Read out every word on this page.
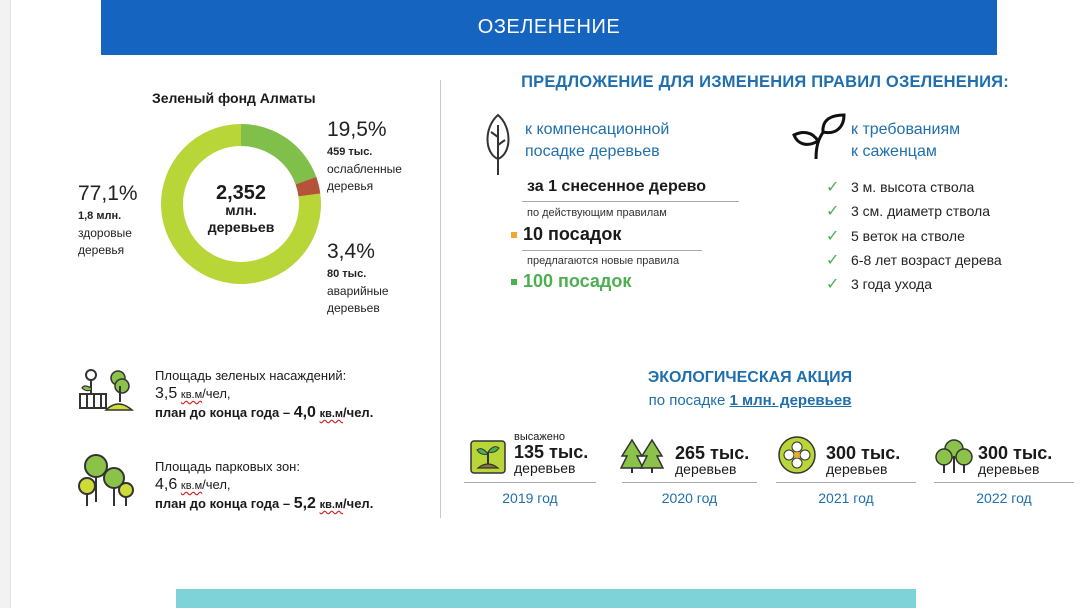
ОЗЕЛЕНЕНИЕ
Зеленый фонд Алматы
2,352
млн.
деревьев
77,1%
1,8 млн.
здоровые
деревья
19,5%
459 тыс.
ослабленные
деревья
3,4%
80 тыс.
аварийные
деревьев
Площадь зеленых насаждений:
3,5 кв.м/чел,
план до конца года – 4,0 кв.м/чел.
Площадь парковых зон:
4,6 кв.м/чел,
план до конца года – 5,2 кв.м/чел.
ПРЕДЛОЖЕНИЕ ДЛЯ ИЗМЕНЕНИЯ ПРАВИЛ ОЗЕЛЕНЕНИЯ:
к компенсационной
посадке деревьев
за 1 снесенное дерево
по действующим правилам
10 посадок
предлагаются новые правила
100 посадок
к требованиям
к саженцам
✓ 3 м. высота ствола
✓ 3 см. диаметр ствола
✓ 5 веток на стволе
✓ 6-8 лет возраст дерева
✓ 3 года ухода
ЭКОЛОГИЧЕСКАЯ АКЦИЯ
по посадке 1 млн. деревьев
высажено
135 тыс.
деревьев
2019 год
265 тыс.
деревьев
2020 год
300 тыс.
деревьев
2021 год
300 тыс.
деревьев
2022 год
